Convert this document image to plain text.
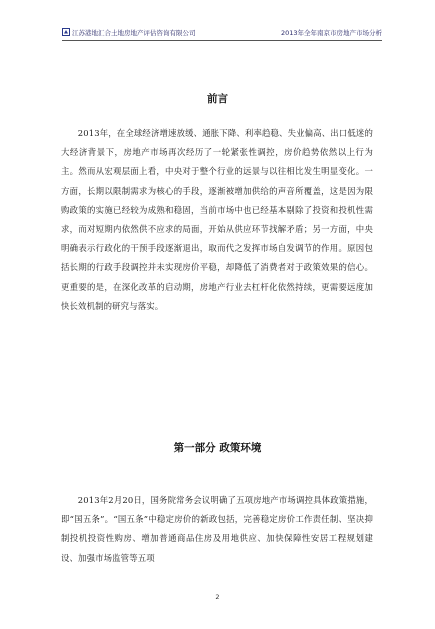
江苏港地汇合土地房地产评估咨询有限公司	2013年全年南京市房地产市场分析
前言

2013年，在全球经济增速放缓、通胀下降、利率趋稳、失业偏高、出口低迷的大经济背景下，房地产市场再次经历了一轮紧张性调控，房价趋势依然以上行为主。然而从宏观层面上看，中央对于整个行业的远景与以往相比发生明显变化。一方面，长期以限制需求为核心的手段，逐渐被增加供给的声音所覆盖，这是因为限购政策的实施已经较为成熟和稳固，当前市场中也已经基本剔除了投资和投机性需求，而对短期内依然供不应求的局面，开始从供应环节找解矛盾；另一方面，中央明确表示行政化的干预手段逐渐退出，取而代之发挥市场自发调节的作用。原因包括长期的行政手段调控并未实现房价平稳，却降低了消费者对于政策效果的信心。更重要的是，在深化改革的启动期，房地产行业去杠杆化依然持续，更需要远度加快长效机制的研究与落实。

第一部分 政策环境

2013年2月20日，国务院常务会议明确了五项房地产市场调控具体政策措施，即“国五条”。“国五条”中稳定房价的新政包括，完善稳定房价工作责任制、坚决抑制投机投资性购房、增加普通商品住房及用地供应、加快保障性安居工程规划建设、加强市场监管等五项

2
